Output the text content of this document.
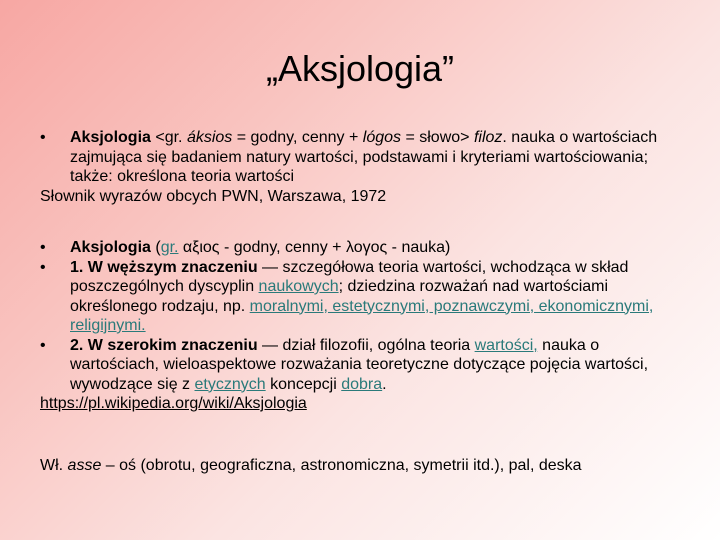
„Aksjologia”
• Aksjologia <gr. áksios = godny, cenny + lógos = słowo> filoz. nauka o wartościach zajmująca się badaniem natury wartości, podstawami i kryteriami wartościowania; także: określona teoria wartości
Słownik wyrazów obcych PWN, Warszawa, 1972
• Aksjologia (gr. αξιος - godny, cenny + λογος - nauka)
• 1. W węższym znaczeniu — szczegółowa teoria wartości, wchodząca w skład poszczególnych dyscyplin naukowych; dziedzina rozważań nad wartościami określonego rodzaju, np. moralnymi, estetycznymi, poznawczymi, ekonomicznymi, religijnymi.
• 2. W szerokim znaczeniu — dział filozofii, ogólna teoria wartości, nauka o wartościach, wieloaspektowe rozważania teoretyczne dotyczące pojęcia wartości, wywodzące się z etycznych koncepcji dobra.
https://pl.wikipedia.org/wiki/Aksjologia
Wł. asse – oś (obrotu, geograficzna, astronomiczna, symetrii itd.), pal, deska
